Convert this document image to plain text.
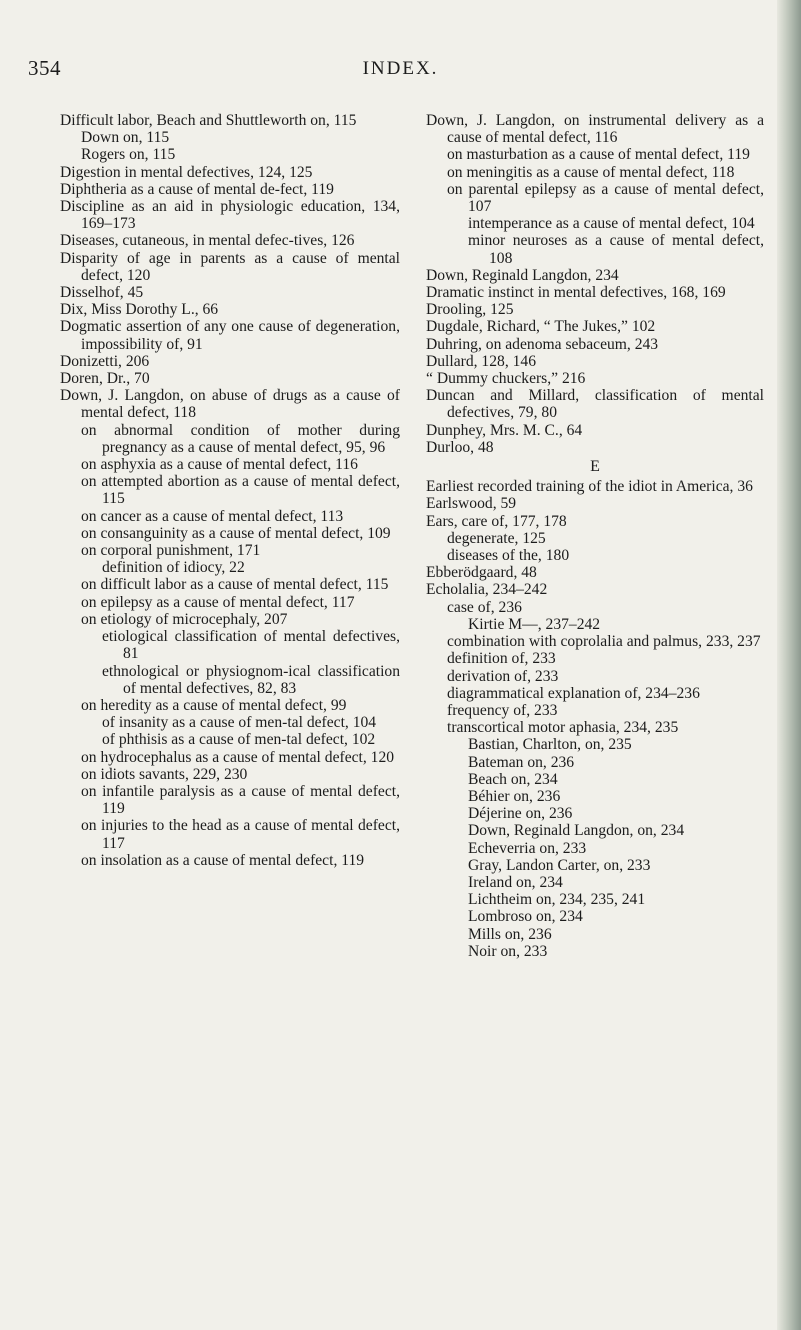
354	INDEX.

Difficult labor, Beach and Shuttleworth on, 115

Down on, 115

Rogers on, 115

Digestion in mental defectives, 124, 125

Diphtheria as a cause of mental de-fect, 119

Discipline as an aid in physiologic education, 134, 169–173

Diseases, cutaneous, in mental defec-tives, 126

Disparity of age in parents as a cause of mental defect, 120

Disselhof, 45

Dix, Miss Dorothy L., 66

Dogmatic assertion of any one cause of degeneration, impossibility of, 91

Donizetti, 206

Doren, Dr., 70

Down, J. Langdon, on abuse of drugs as a cause of mental defect, 118

on abnormal condition of mother during pregnancy as a cause of mental defect, 95, 96

on asphyxia as a cause of mental defect, 116

on attempted abortion as a cause of mental defect, 115

on cancer as a cause of mental defect, 113

on consanguinity as a cause of mental defect, 109

on corporal punishment, 171

definition of idiocy, 22

on difficult labor as a cause of mental defect, 115

on epilepsy as a cause of mental defect, 117

on etiology of microcephaly, 207

etiological classification of mental defectives, 81

ethnological or physiognom-ical classification of mental defectives, 82, 83

on heredity as a cause of mental defect, 99

of insanity as a cause of men-tal defect, 104

of phthisis as a cause of men-tal defect, 102

on hydrocephalus as a cause of mental defect, 120

on idiots savants, 229, 230

on infantile paralysis as a cause of mental defect, 119

on injuries to the head as a cause of mental defect, 117

on insolation as a cause of mental defect, 119

Down, J. Langdon, on instrumental delivery as a cause of mental defect, 116

on masturbation as a cause of mental defect, 119

on meningitis as a cause of mental defect, 118

on parental epilepsy as a cause of mental defect, 107

intemperance as a cause of mental defect, 104

minor neuroses as a cause of mental defect, 108

Down, Reginald Langdon, 234

Dramatic instinct in mental defectives, 168, 169

Drooling, 125

Dugdale, Richard, “ The Jukes,” 102

Duhring, on adenoma sebaceum, 243

Dullard, 128, 146

“ Dummy chuckers,” 216

Duncan and Millard, classification of mental defectives, 79, 80

Dunphey, Mrs. M. C., 64

Durloo, 48

E

Earliest recorded training of the idiot in America, 36

Earlswood, 59

Ears, care of, 177, 178

degenerate, 125

diseases of the, 180

Ebberödgaard, 48

Echolalia, 234–242

case of, 236

Kirtie M—, 237–242

combination with coprolalia and palmus, 233, 237

definition of, 233

derivation of, 233

diagrammatical explanation of, 234–236

frequency of, 233

transcortical motor aphasia, 234, 235

Bastian, Charlton, on, 235

Bateman on, 236

Beach on, 234

Béhier on, 236

Déjerine on, 236

Down, Reginald Langdon, on, 234

Echeverria on, 233

Gray, Landon Carter, on, 233

Ireland on, 234

Lichtheim on, 234, 235, 241

Lombroso on, 234

Mills on, 236

Noir on, 233
